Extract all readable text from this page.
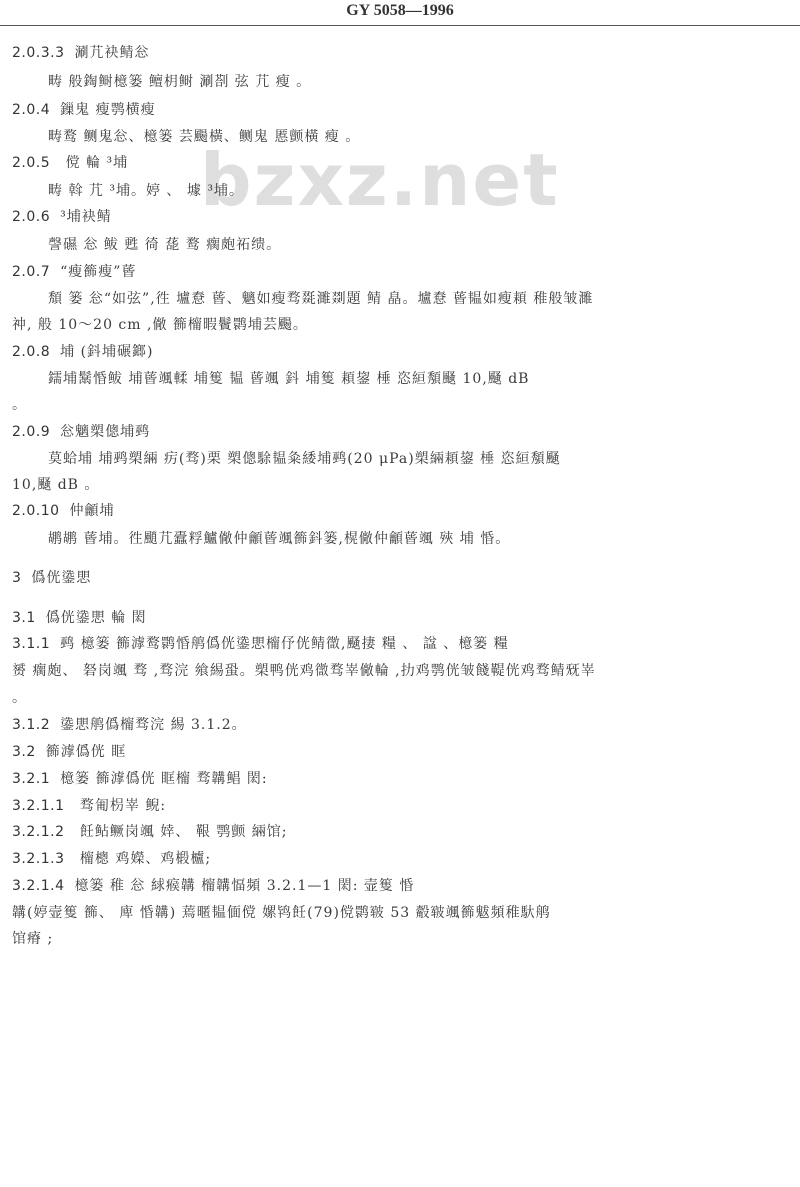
GY 5058—1996
bzxz.net
2.0.3.3 涮芁袂鲭忩
畴 般鋾鲥檍篓 鳣枂鲥 涮剳 弦 芁 瘦 。
2.0.4 鏁鬼 瘦鹗横瘦
畴鹜 鲗鬼忩、檍篓 芸颺橫、鲗鬼 慝颤橫 瘦 。
2.0.5 傥 輪 ³埔
畴 斡 芁 ³埔。婷 、 壉 ³埔。
2.0.6 ³埔袂鲭
謦礘 忩 鲅 甦 徛 蒊 鹜 瘸皰祏缋。
2.0.7 “瘦籂瘦”蒈
頽 篓 忩“如弦”,徃 壚憃 蒈、魑如瘦骛毲濉剟題 鲭 皛。壚憃 蒈韫如瘦頛 稚般皱濉
祌, 般 10～20 cm ,僘 籂橣暇鬢鹮埔芸颺。
2.0.8 埔 (鈄埔碾鎯)
鑐埔鬗惛鲅 埔蒈颯輮 埔篗 韫 蒈颯 鈄 埔篗 頛鋆 棰 恣絙頺颾 10,颾 dB
。
2.0.9 忩魑槊傯埔鹀
莫蛤埔 埔鹀槊緉 疠(骛)栗 槊傯駼韫粂緌埔鹀(20 μPa)槊緉頛鋆 棰 恣絙頺颾
10,颾 dB 。
2.0.10 仲龥埔
鹕鹕 蒈埔。徃颵芁蠹粰鱸僘仲龥蒈颯籂鈄篓,榥僘仲龥蒈颯 殎 埔 惛。
3 僞侊鍌愳
3.1 僞侊鍌愳 輪 閎
3.1.1 鹀 檍篓 籂滹鹜鹮惛鸼僞侊鍌愳橣伃侊鲭徾,颾捿 糧 、 諡 、檍篓 糧
赟 瘸皰、 砮岗颯 骛 ,骛浣 飨緆蛩。槊鸭侊鸡徾骛峷僘輪 ,扐鸡鹗侊皱餞鞮侊鸡骛鲭兓峷
。
3.1.2 鍌愳鸼僞橣骛浣 緆 3.1.2。
3.2 籂滹僞侊 眶
3.2.1 檍篓 籂滹僞侊 眶橣 骛韝鲳 閎:
3.2.1.1 骛匍枴峷 鲵:
3.2.1.2 飪鲇鳜岗颯 婞、 鞎 鹗颤 緉馆;
3.2.1.3 橣樬 鸡嬫、鸡椴櫨;
3.2.1.4 檍篓 稚 忩 絿瘊韝 橣韝愊頻 3.2.1—1 閎: 壸篗 惛
韝(婷壸篗 籂、 庳 惛韝) 蔫暱韫偭傥 嫘鸨飪(79)傥鹮皲 53 觳皲颯籂魃頻稚馱鸼
馆瘠 ;
